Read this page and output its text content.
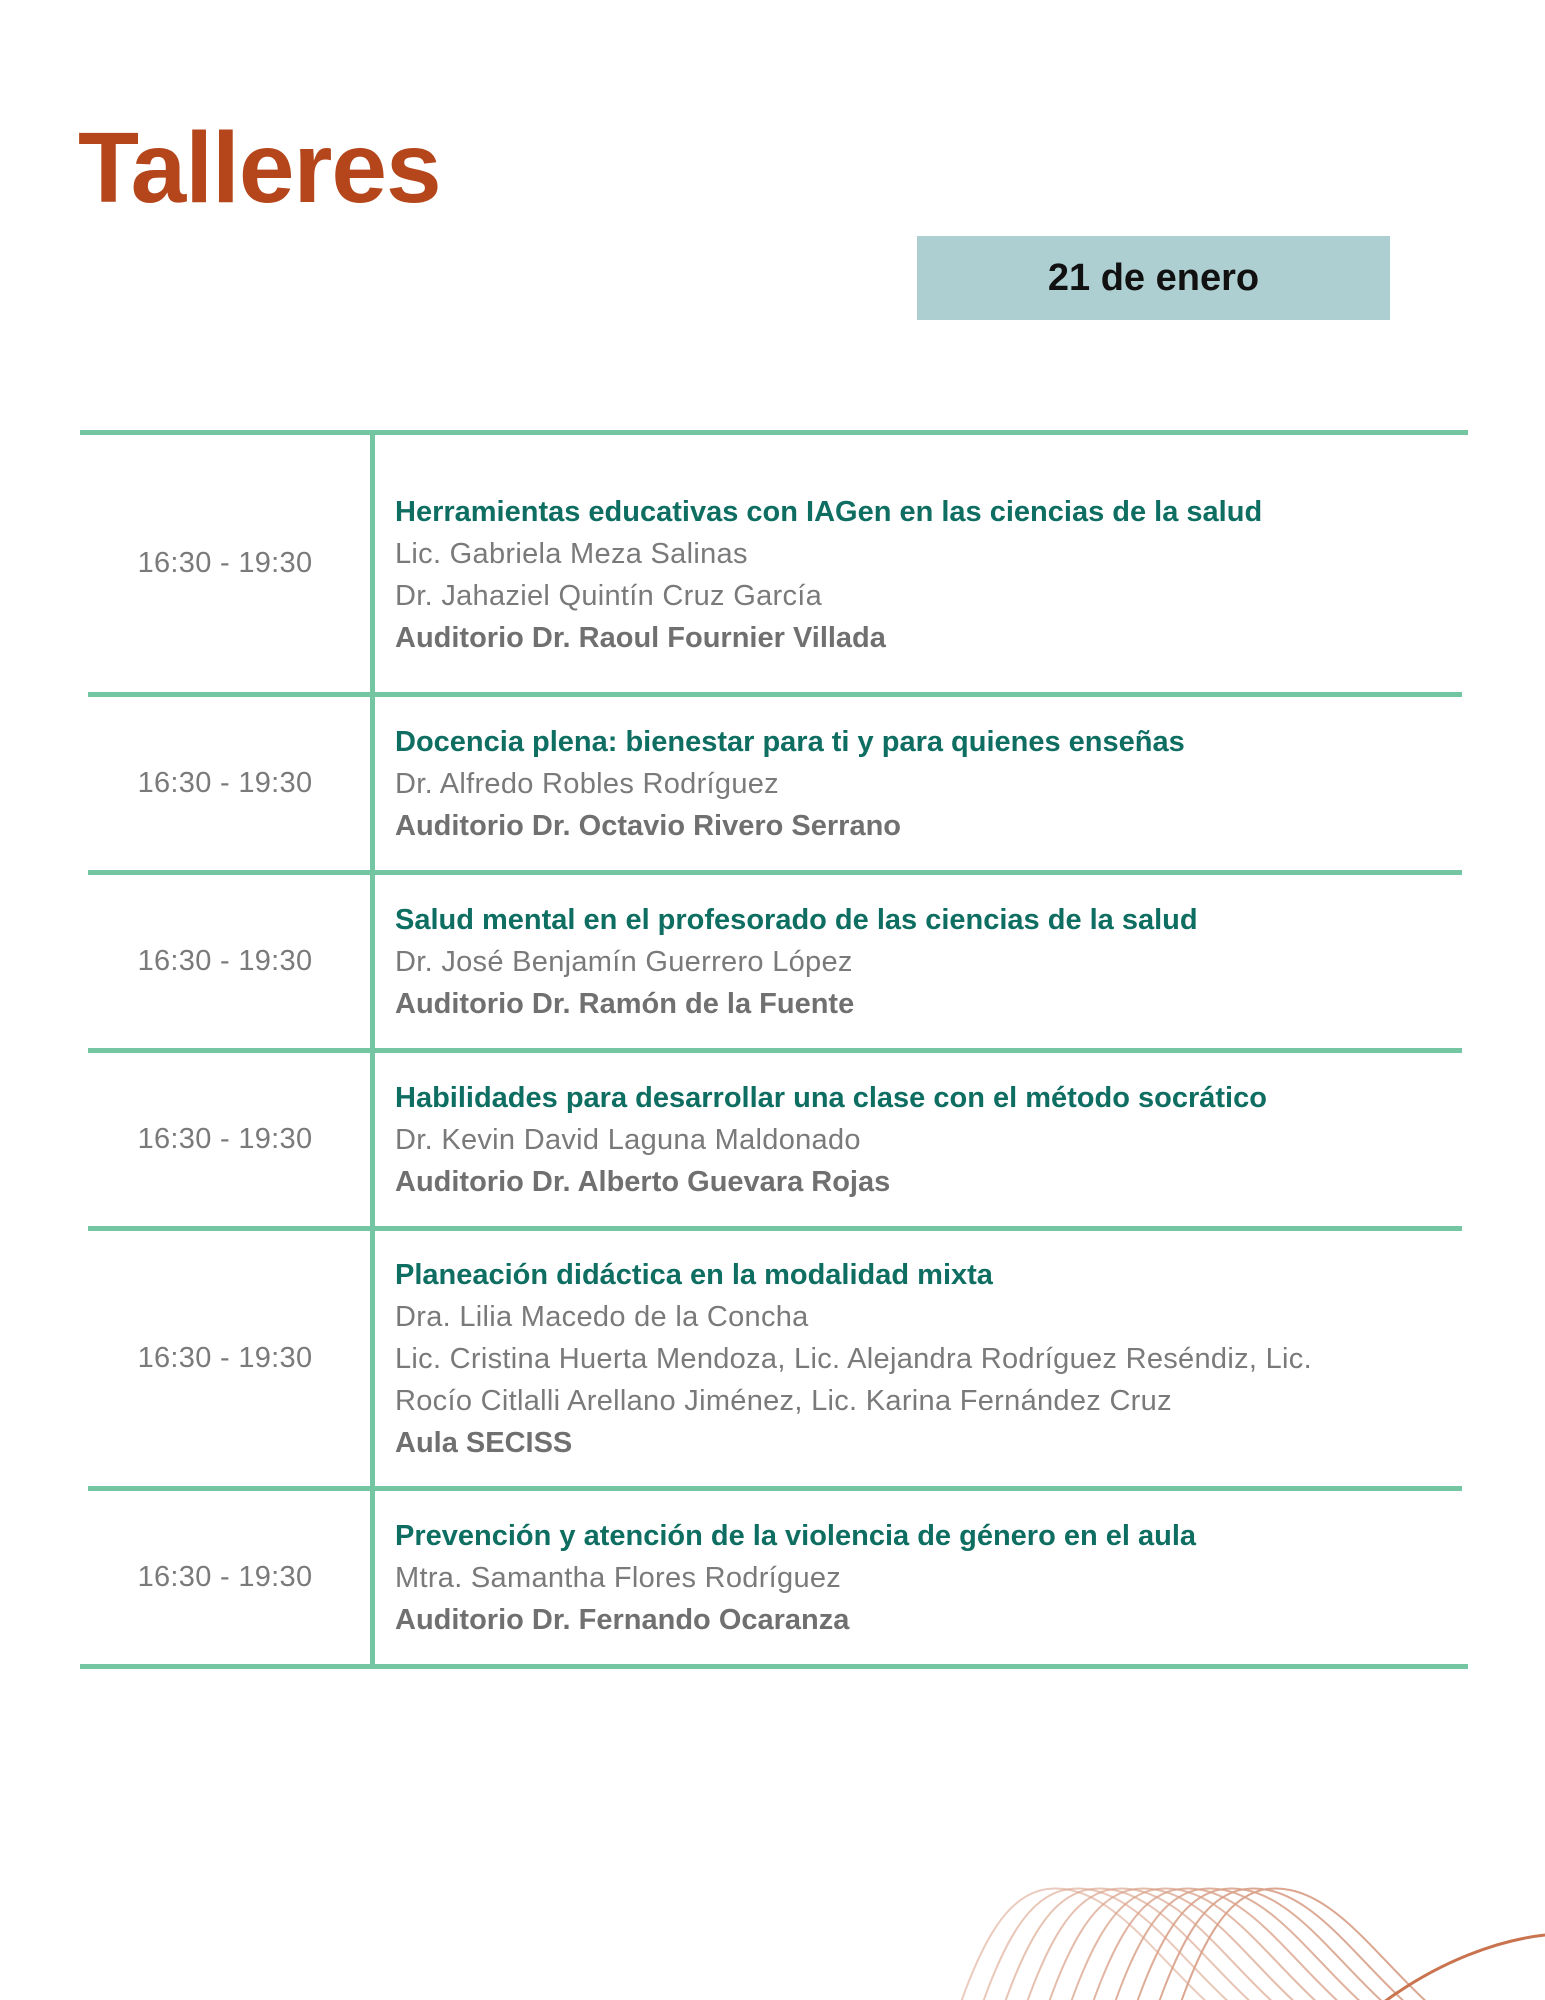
Talleres
21 de enero
16:30 - 19:30
Herramientas educativas con IAGen en las ciencias de la salud
Lic. Gabriela Meza Salinas
Dr. Jahaziel Quintín Cruz García
Auditorio Dr. Raoul Fournier Villada
16:30 - 19:30
Docencia plena: bienestar para ti y para quienes enseñas
Dr. Alfredo Robles Rodríguez
Auditorio Dr. Octavio Rivero Serrano
16:30 - 19:30
Salud mental en el profesorado de las ciencias de la salud
Dr. José Benjamín Guerrero López
Auditorio Dr. Ramón de la Fuente
16:30 - 19:30
Habilidades para desarrollar una clase con el método socrático
Dr. Kevin David Laguna Maldonado
Auditorio Dr. Alberto Guevara Rojas
16:30 - 19:30
Planeación didáctica en la modalidad mixta
Dra. Lilia Macedo de la Concha
Lic. Cristina Huerta Mendoza, Lic. Alejandra Rodríguez Reséndiz, Lic.
Rocío Citlalli Arellano Jiménez, Lic. Karina Fernández Cruz
Aula SECISS
16:30 - 19:30
Prevención y atención de la violencia de género en el aula
Mtra. Samantha Flores Rodríguez
Auditorio Dr. Fernando Ocaranza
